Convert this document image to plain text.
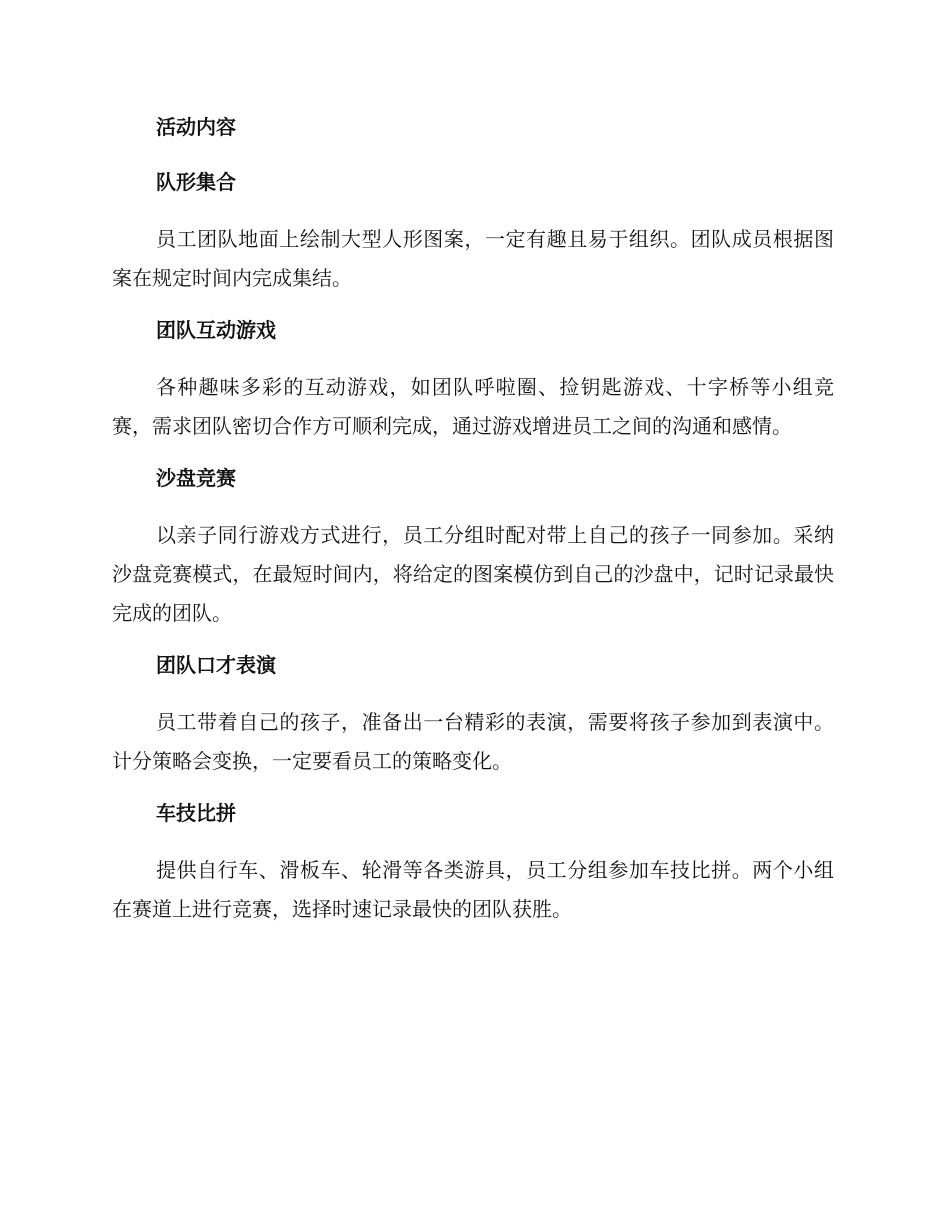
活动内容

队形集合

员工团队地面上绘制大型人形图案，一定有趣且易于组织。团队成员根据图案在规定时间内完成集结。

团队互动游戏

各种趣味多彩的互动游戏，如团队呼啦圈、捡钥匙游戏、十字桥等小组竞赛，需求团队密切合作方可顺利完成，通过游戏增进员工之间的沟通和感情。

沙盘竞赛

以亲子同行游戏方式进行，员工分组时配对带上自己的孩子一同参加。采纳沙盘竞赛模式，在最短时间内，将给定的图案模仿到自己的沙盘中，记时记录最快完成的团队。

团队口才表演

员工带着自己的孩子，准备出一台精彩的表演，需要将孩子参加到表演中。计分策略会变换，一定要看员工的策略变化。

车技比拼

提供自行车、滑板车、轮滑等各类游具，员工分组参加车技比拼。两个小组在赛道上进行竞赛，选择时速记录最快的团队获胜。
